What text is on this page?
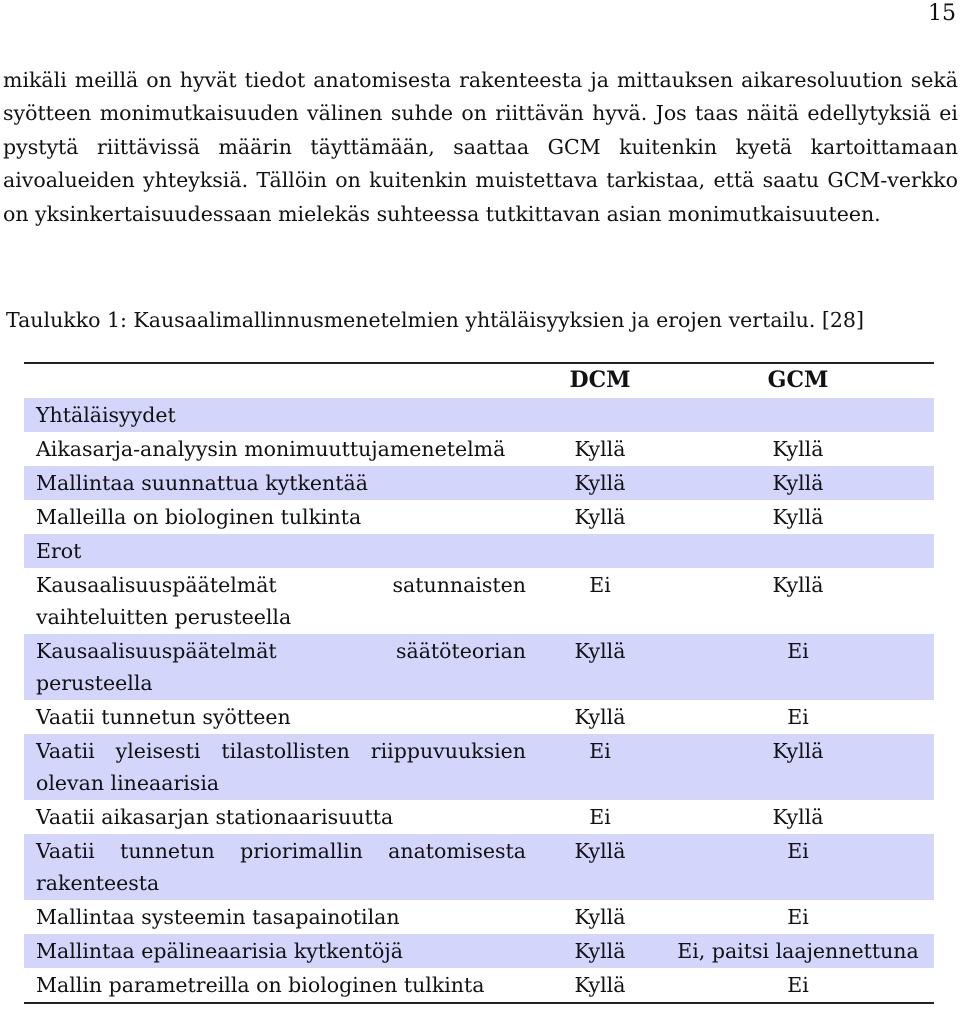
15

mikäli meillä on hyvät tiedot anatomisesta rakenteesta ja mittauksen aikaresoluution sekä syötteen monimutkaisuuden välinen suhde on riittävän hyvä. Jos taas näitä edellytyksiä ei pystytä riittävissä määrin täyttämään, saattaa GCM kuitenkin kyetä kartoittamaan aivoalueiden yhteyksiä. Tällöin on kuitenkin muistettava tarkistaa, että saatu GCM-verkko on yksinkertaisuudessaan mielekäs suhteessa tutkittavan asian monimutkaisuuteen.

Taulukko 1: Kausaalimallinnusmenetelmien yhtäläisyyksien ja erojen vertailu. [28]

	DCM	GCM
Yhtäläisyydet		
Aikasarja-analyysin monimuuttujamenetelmä	Kyllä	Kyllä
Mallintaa suunnattua kytkentää	Kyllä	Kyllä
Malleilla on biologinen tulkinta	Kyllä	Kyllä
Erot		
Kausaalisuuspäätelmät satunnaisten vaihteluitten perusteella	Ei	Kyllä
Kausaalisuuspäätelmät säätöteorian perusteella	Kyllä	Ei
Vaatii tunnetun syötteen	Kyllä	Ei
Vaatii yleisesti tilastollisten riippuvuuksien olevan lineaarisia	Ei	Kyllä
Vaatii aikasarjan stationaarisuutta	Ei	Kyllä
Vaatii tunnetun priorimallin anatomisesta rakenteesta	Kyllä	Ei
Mallintaa systeemin tasapainotilan	Kyllä	Ei
Mallintaa epälineaarisia kytkentöjä	Kyllä	Ei, paitsi laajennettuna
Mallin parametreilla on biologinen tulkinta	Kyllä	Ei
